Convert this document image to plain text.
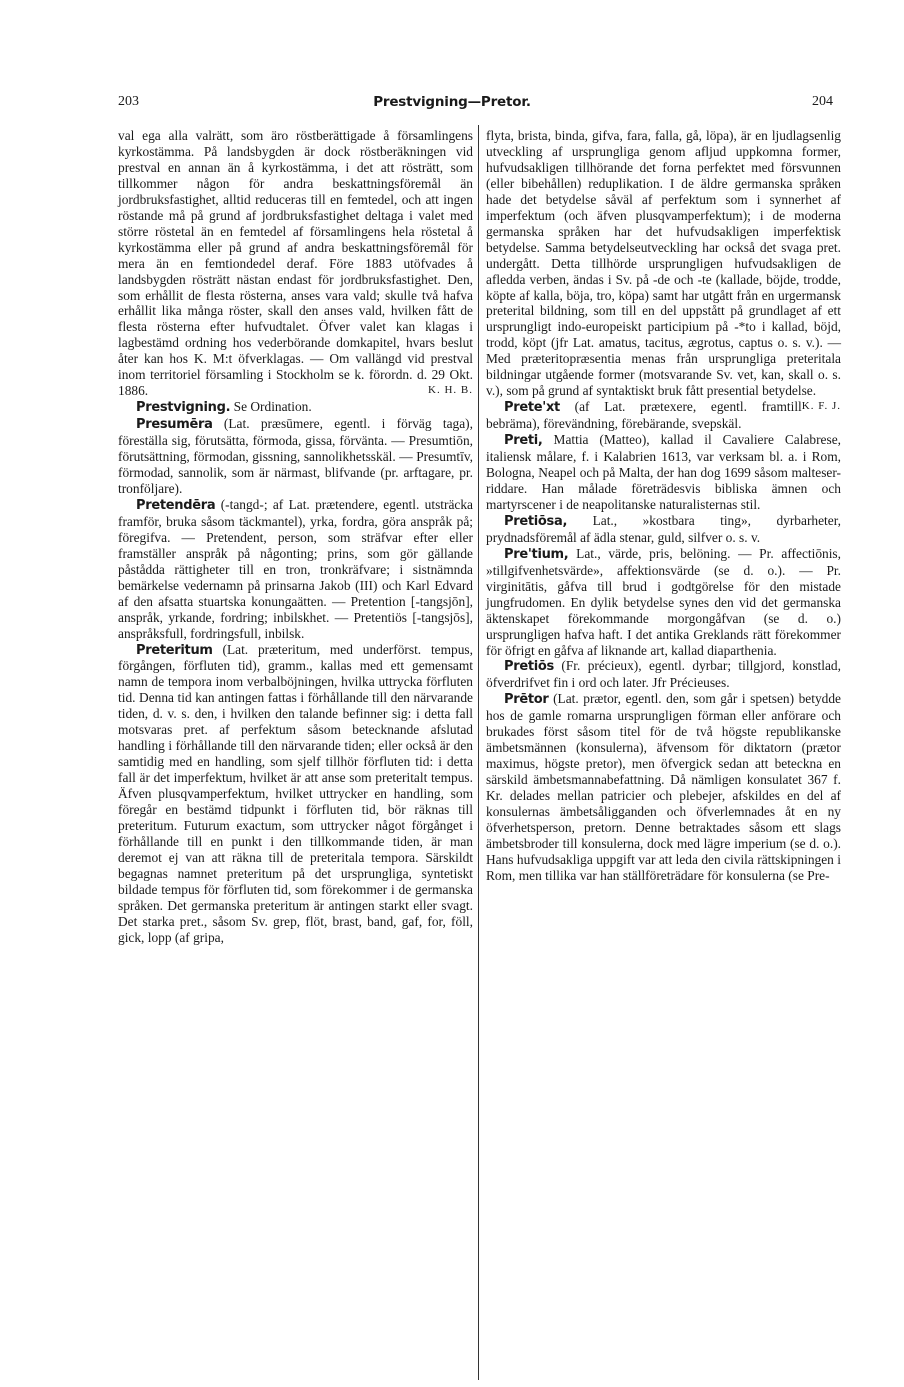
203	Prestvigning—Pretor.	204

val ega alla valrätt, som äro röstberättigade å församlingens kyrkostämma. På landsbygden är dock röstberäkningen vid prestval en annan än å kyrkostämma, i det att rösträtt, som tillkommer någon för andra beskattningsföremål än jordbruksfastighet, alltid reduceras till en femtedel, och att ingen röstande må på grund af jordbruksfastighet deltaga i valet med större röstetal än en femtedel af församlingens hela röstetal å kyrkostämma eller på grund af andra beskattningsföremål för mera än en femtiondedel deraf. Före 1883 utöfvades å landsbygden rösträtt nästan endast för jordbruksfastighet. Den, som erhållit de flesta rösterna, anses vara vald; skulle två hafva erhållit lika många röster, skall den anses vald, hvilken fått de flesta rösterna efter hufvudtalet. Öfver valet kan klagas i lagbestämd ordning hos vederbörande domkapitel, hvars beslut åter kan hos K. M:t öfverklagas. — Om vallängd vid prestval inom territoriel församling i Stockholm se k. förordn. d. 29 Okt. 1886.	K. H. B.

Prestvigning. Se Ordination.

Presumēra (Lat. præsūmere, egentl. i förväg taga), föreställa sig, förutsätta, förmoda, gissa, förvänta. — Presumtiōn, förutsättning, förmodan, gissning, sannolikhetsskäl. — Presumtīv, förmodad, sannolik, som är närmast, blifvande (pr. arftagare, pr. tronföljare).

Pretendēra (-tangd-; af Lat. prætendere, egentl. utsträcka framför, bruka såsom täckmantel), yrka, fordra, göra anspråk på; föregifva. — Pretendent, person, som sträfvar efter eller framställer anspråk på någonting; prins, som gör gällande påstådda rättigheter till en tron, tronkräfvare; i sistnämnda bemärkelse vedernamn på prinsarna Jakob (III) och Karl Edvard af den afsatta stuartska konungaätten. — Pretention [-tangsjōn], anspråk, yrkande, fordring; inbilskhet. — Pretentiös [-tangsjōs], anspråksfull, fordringsfull, inbilsk.

Preteritum (Lat. præteritum, med underförst. tempus, förgången, förfluten tid), gramm., kallas med ett gemensamt namn de tempora inom verbalböjningen, hvilka uttrycka förfluten tid. Denna tid kan antingen fattas i förhållande till den närvarande tiden, d. v. s. den, i hvilken den talande befinner sig: i detta fall motsvaras pret. af perfektum såsom betecknande afslutad handling i förhållande till den närvarande tiden; eller också är den samtidig med en handling, som sjelf tillhör förfluten tid: i detta fall är det imperfektum, hvilket är att anse som preteritalt tempus. Äfven plusqvamperfektum, hvilket uttrycker en handling, som föregår en bestämd tidpunkt i förfluten tid, bör räknas till preteritum. Futurum exactum, som uttrycker något förgånget i förhållande till en punkt i den tillkommande tiden, är man deremot ej van att räkna till de preteritala tempora. Särskildt begagnas namnet preteritum på det ursprungliga, syntetiskt bildade tempus för förfluten tid, som förekommer i de germanska språken. Det germanska preteritum är antingen starkt eller svagt. Det starka pret., såsom Sv. grep, flöt, brast, band, gaf, for, föll, gick, lopp (af gripa,

flyta, brista, binda, gifva, fara, falla, gå, löpa), är en ljudlagsenlig utveckling af ursprungliga genom afljud uppkomna former, hufvudsakligen tillhörande det forna perfektet med försvunnen (eller bibehållen) reduplikation. I de äldre germanska språken hade det betydelse såväl af perfektum som i synnerhet af imperfektum (och äfven plusqvamperfektum); i de moderna germanska språken har det hufvudsakligen imperfektisk betydelse. Samma betydelseutveckling har också det svaga pret. undergått. Detta tillhörde ursprungligen hufvudsakligen de afledda verben, ändas i Sv. på -de och -te (kallade, böjde, trodde, köpte af kalla, böja, tro, köpa) samt har utgått från en urgermansk preterital bildning, som till en del uppstått på grundlaget af ett ursprungligt indo-europeiskt participium på -*to i kallad, böjd, trodd, köpt (jfr Lat. amatus, tacitus, ægrotus, captus o. s. v.). — Med præteritopræsentia menas från ursprungliga preteritala bildningar utgående former (motsvarande Sv. vet, kan, skall o. s. v.), som på grund af syntaktiskt bruk fått presential betydelse.
K. F. J.

Prete'xt (af Lat. prætexere, egentl. framtill bebräma), förevändning, förebärande, svepskäl.

Preti, Mattia (Matteo), kallad il Cavaliere Calabrese, italiensk målare, f. i Kalabrien 1613, var verksam bl. a. i Rom, Bologna, Neapel och på Malta, der han dog 1699 såsom malteser-riddare. Han målade företrädesvis bibliska ämnen och martyrscener i de neapolitanske naturalisternas stil.

Pretiōsa, Lat., »kostbara ting», dyrbarheter, prydnadsföremål af ädla stenar, guld, silfver o. s. v.

Pre'tium, Lat., värde, pris, belöning. — Pr. affectiōnis, »tillgifvenhetsvärde», affektionsvärde (se d. o.). — Pr. virginitātis, gåfva till brud i godtgörelse för den mistade jungfrudomen. En dylik betydelse synes den vid det germanska äktenskapet förekommande morgongåfvan (se d. o.) ursprungligen hafva haft. I det antika Greklands rätt förekommer för öfrigt en gåfva af liknande art, kallad diaparthenia.

Pretiōs (Fr. précieux), egentl. dyrbar; tillgjord, konstlad, öfverdrifvet fin i ord och later. Jfr Précieuses.

Prētor (Lat. prætor, egentl. den, som går i spetsen) betydde hos de gamle romarna ursprungligen förman eller anförare och brukades först såsom titel för de två högste republikanske ämbetsmännen (konsulerna), äfvensom för diktatorn (prætor maximus, högste pretor), men öfvergick sedan att beteckna en särskild ämbetsmannabefattning. Då nämligen konsulatet 367 f. Kr. delades mellan patricier och plebejer, afskildes en del af konsulernas ämbetsåligganden och öfverlemnades åt en ny öfverhetsperson, pretorn. Denne betraktades såsom ett slags ämbetsbroder till konsulerna, dock med lägre imperium (se d. o.). Hans hufvudsakliga uppgift var att leda den civila rättskipningen i Rom, men tillika var han ställföreträdare för konsulerna (se Pre-
